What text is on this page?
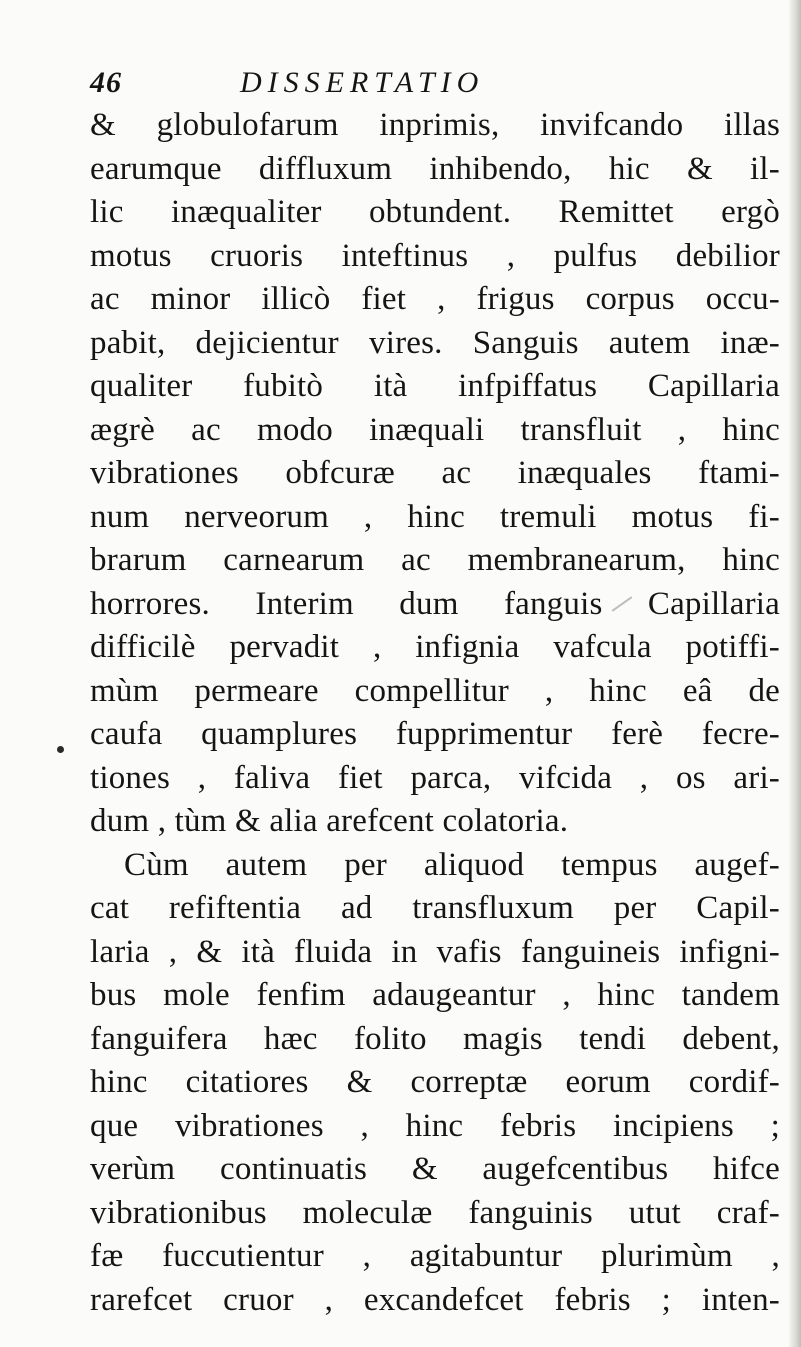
46	DISSERTATIO
& globulofarum inprimis, invifcando illas
earumque diffluxum inhibendo, hic & il-
lic inæqualiter obtundent. Remittet ergò
motus cruoris inteftinus , pulfus debilior
ac minor illicò fiet , frigus corpus occu-
pabit, dejicientur vires. Sanguis autem inæ-
qualiter fubitò ità infpiffatus Capillaria
ægrè ac modo inæquali transfluit , hinc
vibrationes obfcuræ ac inæquales ftami-
num nerveorum , hinc tremuli motus fi-
brarum carnearum ac membranearum, hinc
horrores. Interim dum fanguis Capillaria
difficilè pervadit , infignia vafcula potiffi-
mùm permeare compellitur , hinc eâ de
caufa quamplures fupprimentur ferè fecre-
tiones , faliva fiet parca, vifcida , os ari-
dum , tùm & alia arefcent colatoria.
Cùm autem per aliquod tempus augef-
cat refiftentia ad transfluxum per Capil-
laria , & ità fluida in vafis fanguineis infigni-
bus mole fenfim adaugeantur , hinc tandem
fanguifera hæc folito magis tendi debent,
hinc citatiores & correptæ eorum cordif-
que vibrationes , hinc febris incipiens ;
verùm continuatis & augefcentibus hifce
vibrationibus moleculæ fanguinis utut craf-
fæ fuccutientur , agitabuntur plurimùm ,
rarefcet cruor , excandefcet febris ; inten-
